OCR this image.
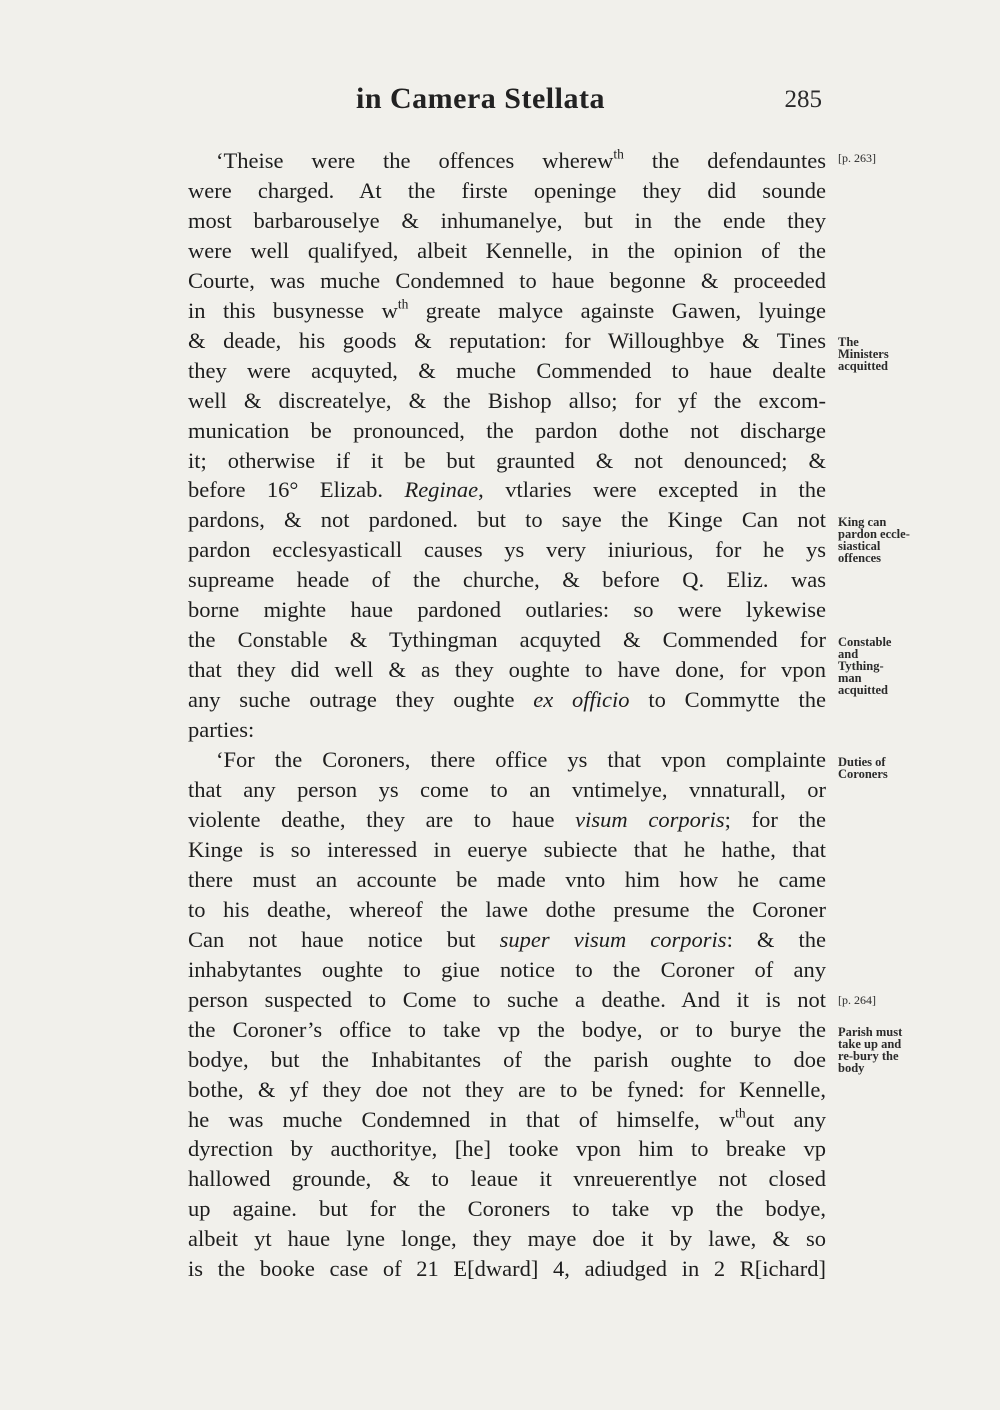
in Camera Stellata	285
‘Theise were the offences wherew$^{th}$ the defendauntes
were charged. At the firste openinge they did sounde
most barbarouselye & inhumanelye, but in the ende they
were well qualifyed, albeit Kennelle, in the opinion of the
Courte, was muche Condemned to haue begonne & proceeded
in this busynesse $w^{th}$ greate malyce againste Gawen, lyuinge
& deade, his goods & reputation: for Willoughbye & Tines
they were acquyted, & muche Commended to haue dealte
well & discreatelye, & the Bishop allso; for yf the excom-
munication be pronounced, the pardon dothe not discharge
it; otherwise if it be but graunted & not denounced; &
before 16° Elizab. Reginae, vtlaries were excepted in the
pardons, & not pardoned. but to saye the Kinge Can not
pardon ecclesyasticall causes ys very iniurious, for he ys
supreame heade of the churche, & before Q. Eliz. was
borne mighte haue pardoned outlaries: so were lykewise
the Constable & Tythingman acquyted & Commended for
that they did well & as they oughte to have done, for vpon
any suche outrage they oughte ex officio to Commytte the
parties:
‘For the Coroners, there office ys that vpon complainte
that any person ys come to an vntimelye, vnnaturall, or
violente deathe, they are to haue visum corporis; for the
Kinge is so interessed in euerye subiecte that he hathe, that
there must an accounte be made vnto him how he came
to his deathe, whereof the lawe dothe presume the Coroner
Can not haue notice but super visum corporis: & the
inhabytantes oughte to giue notice to the Coroner of any
person suspected to Come to suche a deathe. And it is not
the Coroner’s office to take vp the bodye, or to burye the
bodye, but the Inhabitantes of the parish oughte to doe
bothe, & yf they doe not they are to be fyned: for Kennelle,
he was muche Condemned in that of himselfe, $w^{th}out$ any
dyrection by aucthoritye, [he] tooke vpon him to breake vp
hallowed grounde, & to leaue it vnreuerentlye not closed
up againe. but for the Coroners to take vp the bodye,
albeit yt haue lyne longe, they maye doe it by lawe, & so
is the booke case of 21 E[dward] 4, adiudged in 2 R[ichard]
[p. 263]
The
Ministers
acquitted
King can
pardon eccle-
siastical
offences
Constable
and
Tything-
man
acquitted
Duties of
Coroners
[p. 264]
Parish must
take up and
re-bury the
body
